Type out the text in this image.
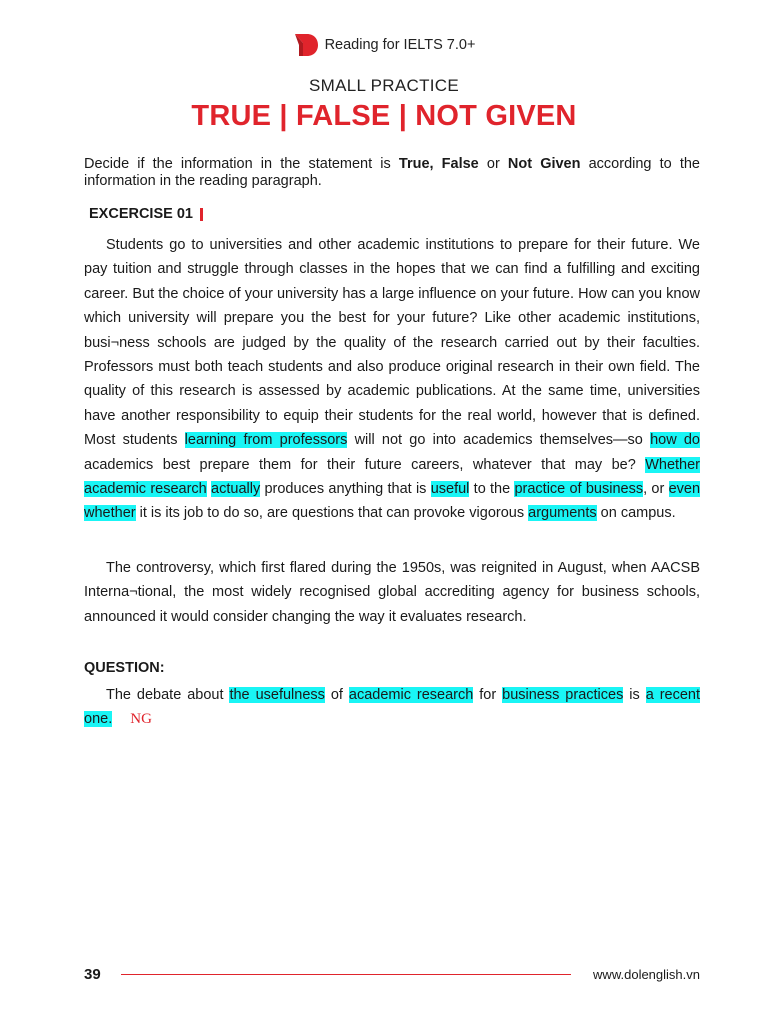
Reading for IELTS 7.0+
SMALL PRACTICE
TRUE | FALSE | NOT GIVEN
Decide if the information in the statement is True, False or Not Given according to the information in the reading paragraph.
EXCERCISE 01

Students go to universities and other academic institutions to prepare for their future. We pay tuition and struggle through classes in the hopes that we can find a fulfilling and exciting career. But the choice of your university has a large influence on your future. How can you know which university will prepare you the best for your future? Like other academic institutions, busi¬ness schools are judged by the quality of the research carried out by their faculties. Professors must both teach students and also produce original research in their own field. The quality of this research is assessed by academic publications. At the same time, universities have another responsibility to equip their students for the real world, however that is defined. Most students learning from professors will not go into academics themselves—so how do academics best prepare them for their future careers, whatever that may be? Whether academic research actually produces anything that is useful to the practice of business, or even whether it is its job to do so, are questions that can provoke vigorous arguments on campus.

The controversy, which first flared during the 1950s, was reignited in August, when AACSB Interna¬tional, the most widely recognised global accrediting agency for business schools, announced it would consider changing the way it evaluates research.

QUESTION:

The debate about the usefulness of academic research for business practices is a recent one. NG

39	www.dolenglish.vn
